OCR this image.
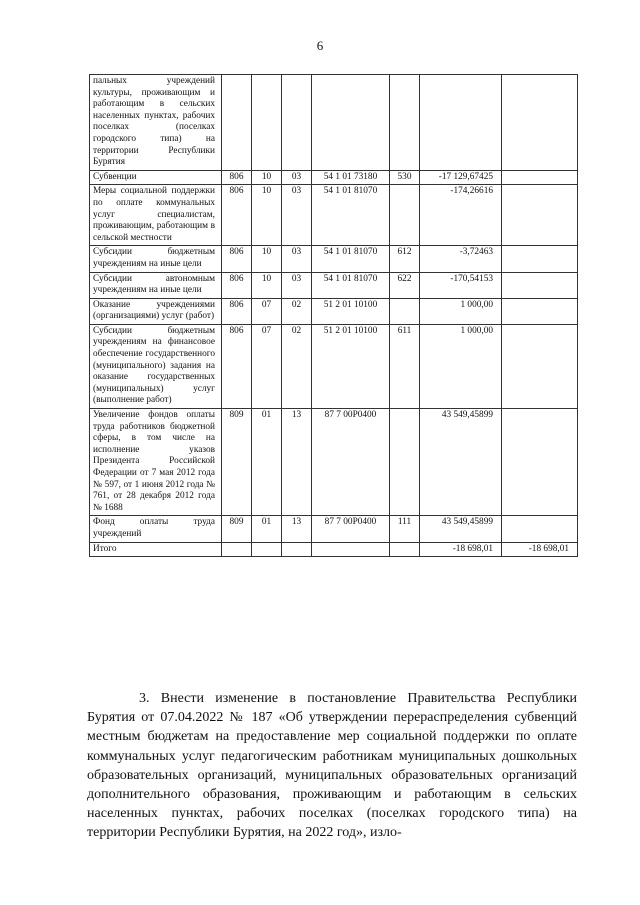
6
пальных учреждений культуры, проживающим и работающим в сельских населенных пунктах, рабочих поселках (поселках городского типа) на территории Республики Бурятия							
Субвенции	806	10	03	54 1 01 73180	530	-17 129,67425	
Меры социальной поддержки по оплате коммунальных услуг специалистам, проживающим, работающим в сельской местности	806	10	03	54 1 01 81070		-174,26616	
Субсидии бюджетным учреждениям на иные цели	806	10	03	54 1 01 81070	612	-3,72463	
Субсидии автономным учреждениям на иные цели	806	10	03	54 1 01 81070	622	-170,54153	
Оказание учреждениями (организациями) услуг (работ)	806	07	02	51 2 01 10100		1 000,00	
Субсидии бюджетным учреждениям на финансовое обеспечение государственного (муниципального) задания на оказание государственных (муниципальных) услуг (выполнение работ)	806	07	02	51 2 01 10100	611	1 000,00	
Увеличение фондов оплаты труда работников бюджетной сферы, в том числе на исполнение указов Президента Российской Федерации от 7 мая 2012 года № 597, от 1 июня 2012 года № 761, от 28 декабря 2012 года № 1688	809	01	13	87 7 00Р0400		43 549,45899	
Фонд оплаты труда учреждений	809	01	13	87 7 00Р0400	111	43 549,45899	
Итого						-18 698,01	-18 698,01

3. Внести изменение в постановление Правительства Республики Бурятия от 07.04.2022 № 187 «Об утверждении перераспределения субвенций местным бюджетам на предоставление мер социальной поддержки по оплате коммунальных услуг педагогическим работникам муниципальных дошкольных образовательных организаций, муниципальных образовательных организаций дополнительного образования, проживающим и работающим в сельских населенных пунктах, рабочих поселках (поселках городского типа) на территории Республики Бурятия, на 2022 год», изло-
